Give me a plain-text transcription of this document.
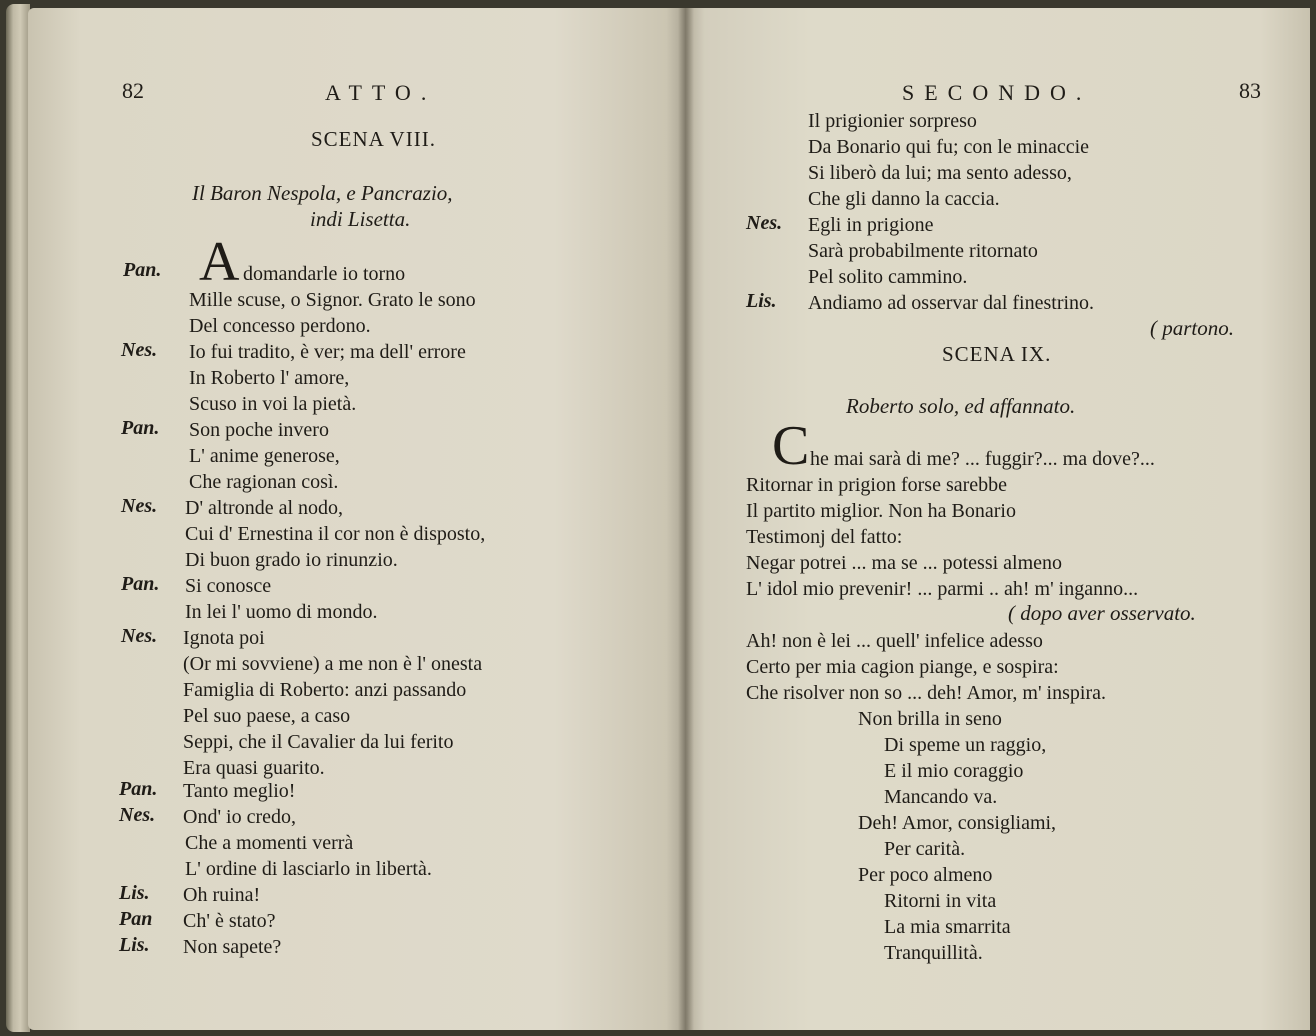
82	ATTO.
SCENA VIII.
Il Baron Nespola, e Pancrazio,
indi Lisetta.
Pan. A domandarle io torno
Mille scuse, o Signor. Grato le sono
Del concesso perdono.
Nes. Io fui tradito, è ver; ma dell' errore
In Roberto l' amore,
Scuso in voi la pietà.
Pan. Son poche invero
L' anime generose,
Che ragionan così.
Nes. D' altronde al nodo,
Cui d' Ernestina il cor non è disposto,
Di buon grado io rinunzio.
Pan. Si conosce
In lei l' uomo di mondo.
Nes. Ignota poi
(Or mi sovviene) a me non è l' onesta
Famiglia di Roberto: anzi passando
Pel suo paese, a caso
Seppi, che il Cavalier da lui ferito
Era quasi guarito.
Pan. Tanto meglio!
Nes. Ond' io credo,
Che a momenti verrà
L' ordine di lasciarlo in libertà.
Lis. Oh ruina!
Pan Ch' è stato?
Lis. Non sapete?
SECONDO.	83
Il prigionier sorpreso
Da Bonario qui fu; con le minaccie
Si liberò da lui; ma sento adesso,
Che gli danno la caccia.
Nes. Egli in prigione
Sarà probabilmente ritornato
Pel solito cammino.
Lis. Andiamo ad osservar dal finestrino.
( partono.
SCENA IX.
Roberto solo, ed affannato.
C he mai sarà di me? ... fuggir?... ma dove?...
Ritornar in prigion forse sarebbe
Il partito miglior. Non ha Bonario
Testimonj del fatto:
Negar potrei ... ma se ... potessi almeno
L' idol mio prevenir! ... parmi .. ah! m' inganno...
( dopo aver osservato.
Ah! non è lei ... quell' infelice adesso
Certo per mia cagion piange, e sospira:
Che risolver non so ... deh! Amor, m' inspira.
Non brilla in seno
Di speme un raggio,
E il mio coraggio
Mancando va.
Deh! Amor, consigliami,
Per carità.
Per poco almeno
Ritorni in vita
La mia smarrita
Tranquillità.
